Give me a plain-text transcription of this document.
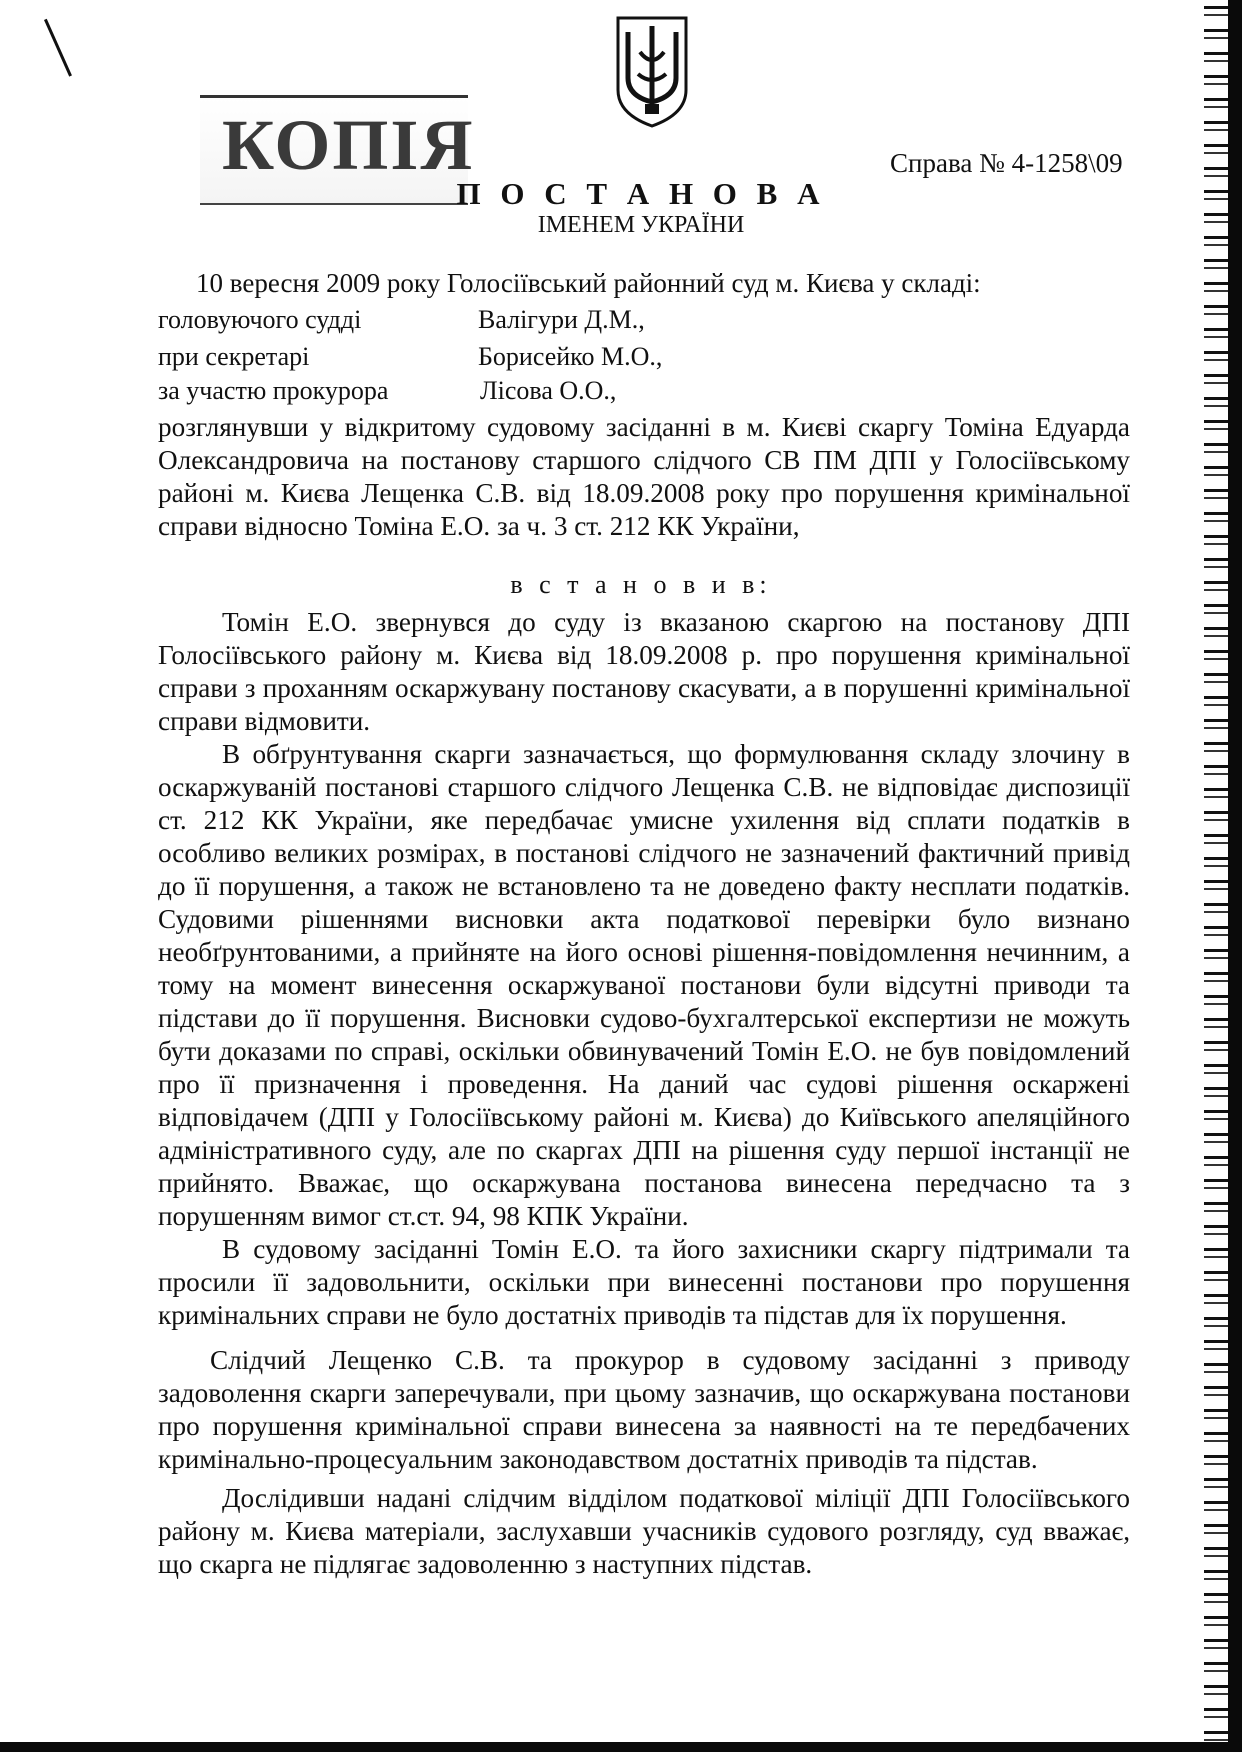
КОПІЯ	Справа № 4-1258\09
П О С Т А Н О В А
ІМЕНЕМ УКРАЇНИ
10 вересня 2009 року Голосіївський районний суд м. Києва у складі:
головуючого судді	Валігури Д.М.,
при секретарі	Борисейко М.О.,
за участю прокурора	Лісова О.О.,

розглянувши у відкритому судовому засіданні в м. Києві скаргу Томіна Едуарда Олександровича на постанову старшого слідчого СВ ПМ ДПІ у Голосіївському районі м. Києва Лещенка С.В. від 18.09.2008 року про порушення кримінальної справи відносно Томіна Е.О. за ч. 3 ст. 212 КК України,

в с т а н о в и в:

Томін Е.О. звернувся до суду із вказаною скаргою на постанову ДПІ Голосіївського району м. Києва від 18.09.2008 р. про порушення кримінальної справи з проханням оскаржувану постанову скасувати, а в порушенні кримінальної справи відмовити.

В обґрунтування скарги зазначається, що формулювання складу злочину в оскаржуваній постанові старшого слідчого Лещенка С.В. не відповідає диспозиції ст. 212 КК України, яке передбачає умисне ухилення від сплати податків в особливо великих розмірах, в постанові слідчого не зазначений фактичний привід до її порушення, а також не встановлено та не доведено факту несплати податків. Судовими рішеннями висновки акта податкової перевірки було визнано необґрунтованими, а прийняте на його основі рішення-повідомлення нечинним, а тому на момент винесення оскаржуваної постанови були відсутні приводи та підстави до її порушення. Висновки судово-бухгалтерської експертизи не можуть бути доказами по справі, оскільки обвинувачений Томін Е.О. не був повідомлений про її призначення і проведення. На даний час судові рішення оскаржені відповідачем (ДПІ у Голосіївському районі м. Києва) до Київського апеляційного адміністративного суду, але по скаргах ДПІ на рішення суду першої інстанції не прийнято. Вважає, що оскаржувана постанова винесена передчасно та з порушенням вимог ст.ст. 94, 98 КПК України.

В судовому засіданні Томін Е.О. та його захисники скаргу підтримали та просили її задовольнити, оскільки при винесенні постанови про порушення кримінальних справи не було достатніх приводів та підстав для їх порушення.

Слідчий Лещенко С.В. та прокурор в судовому засіданні з приводу задоволення скарги заперечували, при цьому зазначив, що оскаржувана постанови про порушення кримінальної справи винесена за наявності на те передбачених кримінально-процесуальним законодавством достатніх приводів та підстав.

Дослідивши надані слідчим відділом податкової міліції ДПІ Голосіївського району м. Києва матеріали, заслухавши учасників судового розгляду, суд вважає, що скарга не підлягає задоволенню з наступних підстав.
